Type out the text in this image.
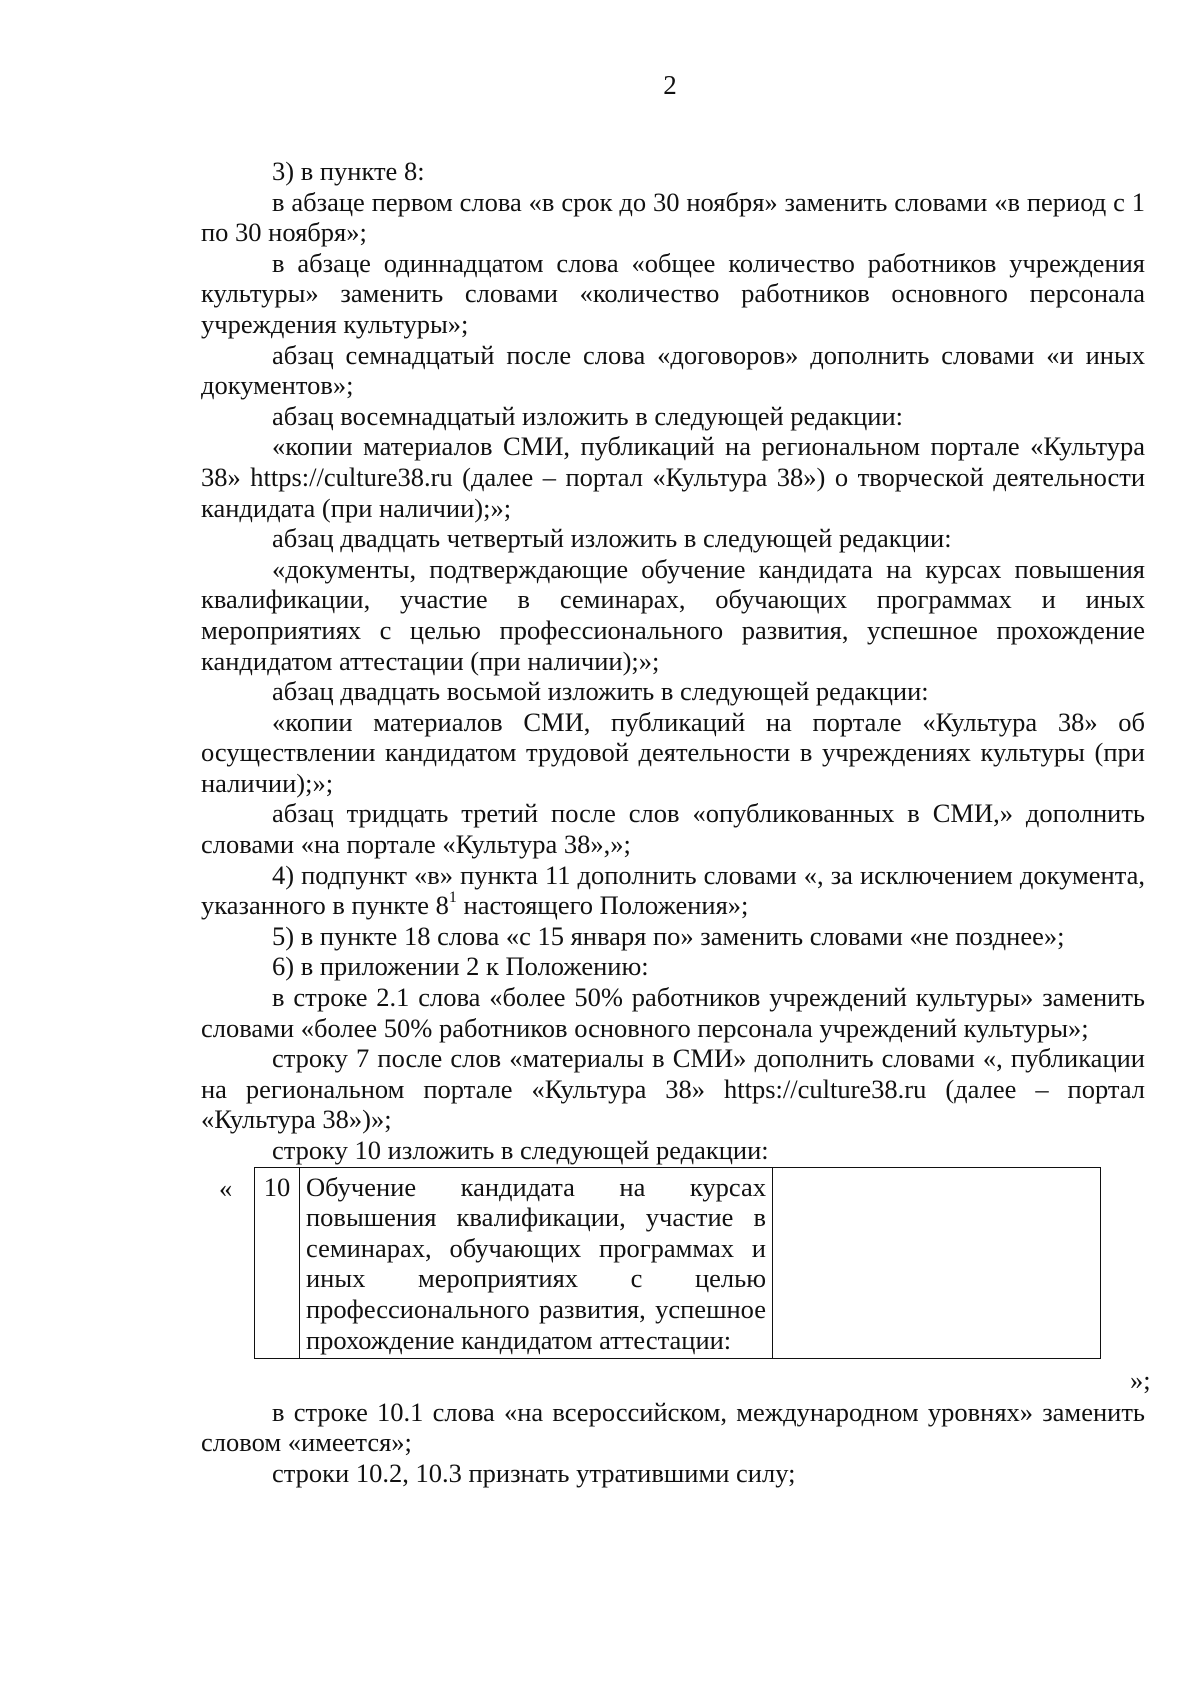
2

3) в пункте 8:

в абзаце первом слова «в срок до 30 ноября» заменить словами «в период с 1 по 30 ноября»;

в абзаце одиннадцатом слова «общее количество работников учреждения культуры» заменить словами «количество работников основного персонала учреждения культуры»;

абзац семнадцатый после слова «договоров» дополнить словами «и иных документов»;

абзац восемнадцатый изложить в следующей редакции:

«копии материалов СМИ, публикаций на региональном портале «Культура 38» https://culture38.ru (далее – портал «Культура 38») о творческой деятельности кандидата (при наличии);»;

абзац двадцать четвертый изложить в следующей редакции:

«документы, подтверждающие обучение кандидата на курсах повышения квалификации, участие в семинарах, обучающих программах и иных мероприятиях с целью профессионального развития, успешное прохождение кандидатом аттестации (при наличии);»;

абзац двадцать восьмой изложить в следующей редакции:

«копии материалов СМИ, публикаций на портале «Культура 38» об осуществлении кандидатом трудовой деятельности в учреждениях культуры (при наличии);»;

абзац тридцать третий после слов «опубликованных в СМИ,» дополнить словами «на портале «Культура 38»,»;

4) подпункт «в» пункта 11 дополнить словами «, за исключением документа, указанного в пункте $8^1$ настоящего Положения»;

5) в пункте 18 слова «с 15 января по» заменить словами «не позднее»;

6) в приложении 2 к Положению:

в строке 2.1 слова «более 50% работников учреждений культуры» заменить словами «более 50% работников основного персонала учреждений культуры»;

строку 7 после слов «материалы в СМИ» дополнить словами «, публикации на региональном портале «Культура 38» https://culture38.ru (далее – портал «Культура 38»)»;

строку 10 изложить в следующей редакции:

« 10	Обучение кандидата на курсах повышения квалификации, участие в семинарах, обучающих программах и иных мероприятиях с целью профессионального развития, успешное прохождение кандидатом аттестации:	
»;

в строке 10.1 слова «на всероссийском, международном уровнях» заменить словом «имеется»;

строки 10.2, 10.3 признать утратившими силу;
